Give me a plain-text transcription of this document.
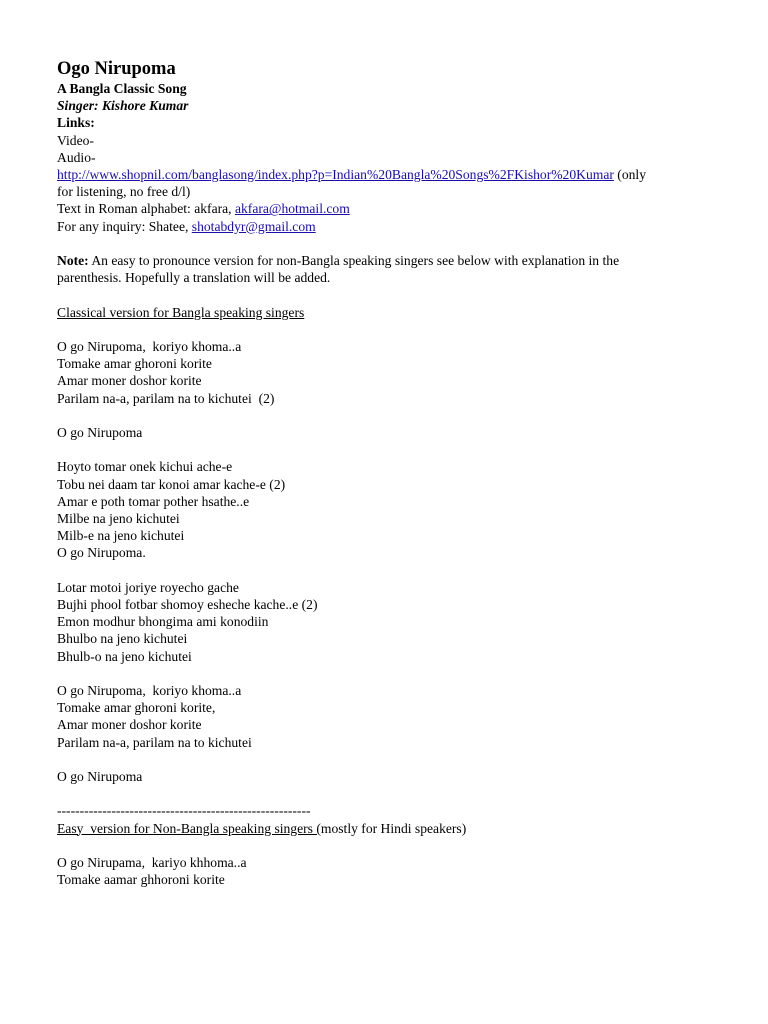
Ogo Nirupoma

A Bangla Classic Song

Singer: Kishore Kumar

Links:

Video-

Audio-

http://www.shopnil.com/banglasong/index.php?p=Indian%20Bangla%20Songs%2FKishor%20Kumar (only

for listening, no free d/l)

Text in Roman alphabet: akfara, akfara@hotmail.com

For any inquiry: Shatee, shotabdyr@gmail.com

Note: An easy to pronounce version for non-Bangla speaking singers see below with explanation in the

parenthesis. Hopefully a translation will be added.

Classical version for Bangla speaking singers

O go Nirupoma,  koriyo khoma..a

Tomake amar ghoroni korite

Amar moner doshor korite

Parilam na-a, parilam na to kichutei  (2)

O go Nirupoma

Hoyto tomar onek kichui ache-e

Tobu nei daam tar konoi amar kache-e (2)

Amar e poth tomar pother hsathe..e

Milbe na jeno kichutei

Milb-e na jeno kichutei

O go Nirupoma.

Lotar motoi joriye royecho gache

Bujhi phool fotbar shomoy esheche kache..e (2)

Emon modhur bhongima ami konodiin

Bhulbo na jeno kichutei

Bhulb-o na jeno kichutei

O go Nirupoma,  koriyo khoma..a

Tomake amar ghoroni korite,

Amar moner doshor korite

Parilam na-a, parilam na to kichutei

O go Nirupoma

--------------------------------------------------------

Easy  version for Non-Bangla speaking singers (mostly for Hindi speakers)

O go Nirupama,  kariyo khhoma..a

Tomake aamar ghhoroni korite
